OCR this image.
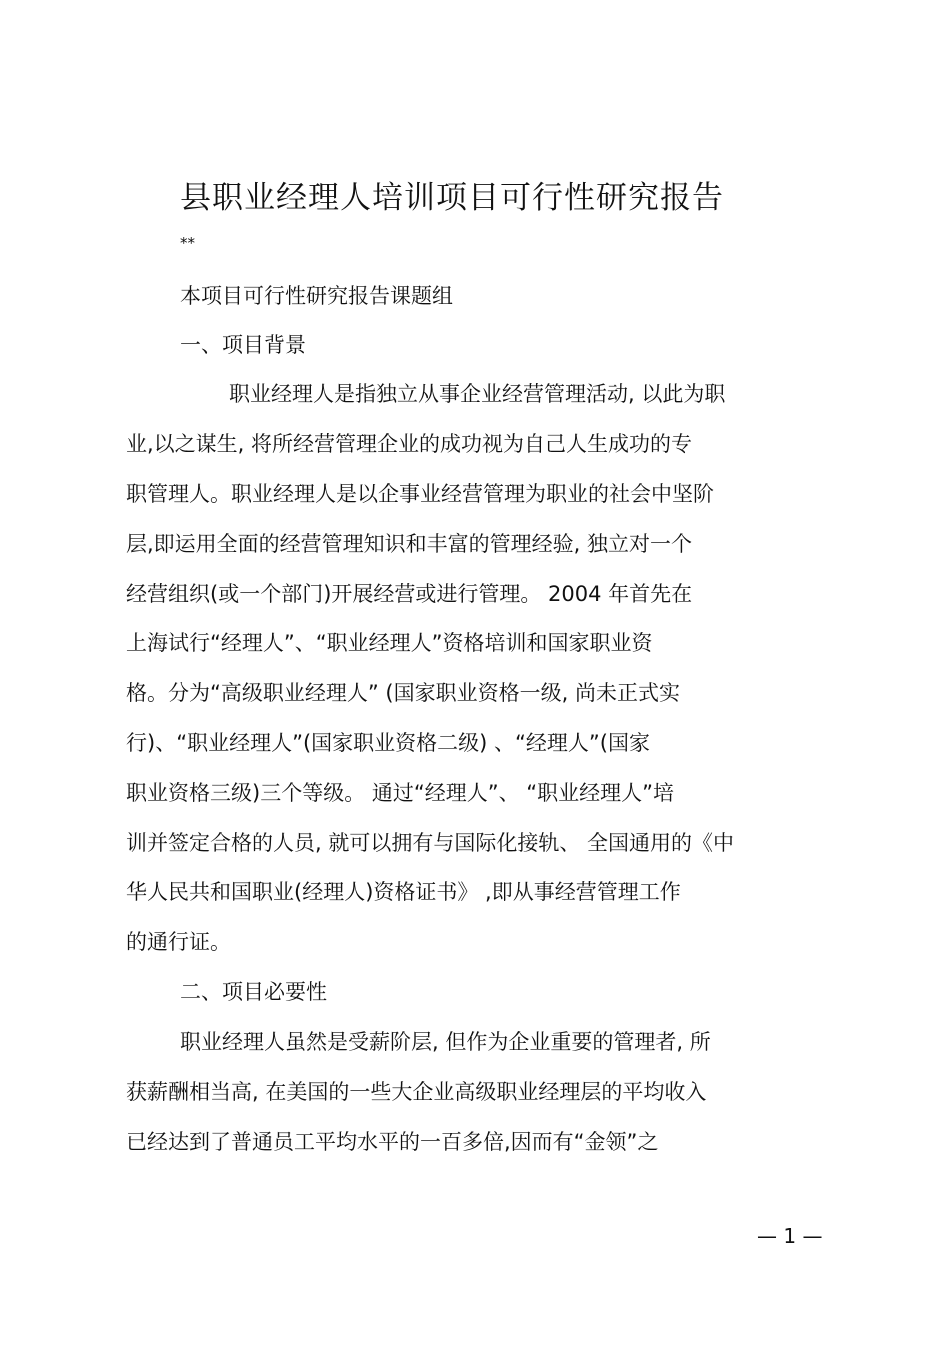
县职业经理人培训项目可行性研究报告
**
本项目可行性研究报告课题组
一、项目背景
职业经理人是指独立从事企业经营管理活动, 以此为职
业,以之谋生, 将所经营管理企业的成功视为自己人生成功的专
职管理人。职业经理人是以企事业经营管理为职业的社会中坚阶
层,即运用全面的经营管理知识和丰富的管理经验, 独立对一个
经营组织(或一个部门)开展经营或进行管理。 2004 年首先在
上海试行“经理人”、“职业经理人”资格培训和国家职业资
格。分为“高级职业经理人” (国家职业资格一级, 尚未正式实
行)、“职业经理人”(国家职业资格二级) 、“经理人”(国家
职业资格三级)三个等级。 通过“经理人”、 “职业经理人”培
训并签定合格的人员, 就可以拥有与国际化接轨、 全国通用的《中
华人民共和国职业(经理人)资格证书》 ,即从事经营管理工作
的通行证。
二、项目必要性
职业经理人虽然是受薪阶层, 但作为企业重要的管理者, 所
获薪酬相当高, 在美国的一些大企业高级职业经理层的平均收入
已经达到了普通员工平均水平的一百多倍,因而有“金领”之
— 1 —
